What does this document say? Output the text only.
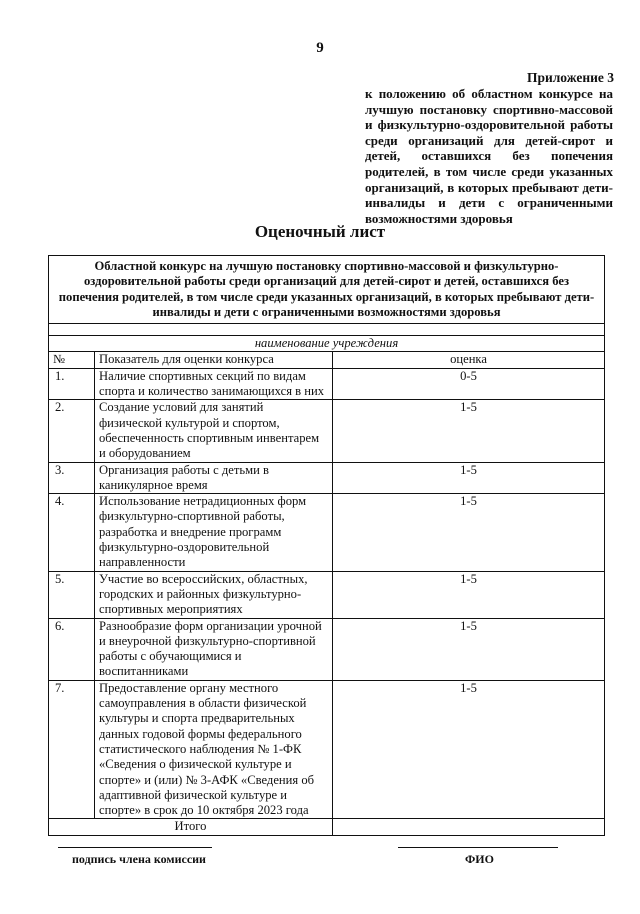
9
Приложение 3
к положению об областном конкурсе на лучшую постановку спортивно-массовой и физкультурно-оздоровительной работы среди организаций для детей-сирот и детей, оставшихся без попечения родителей, в том числе среди указанных организаций, в которых пребывают дети-инвалиды и дети с ограниченными возможностями здоровья
Оценочный лист
Областной конкурс на лучшую постановку спортивно-массовой и физкультурно-оздоровительной работы среди организаций для детей-сирот и детей, оставшихся без попечения родителей, в том числе среди указанных организаций, в которых пребывают дети-инвалиды и дети с ограниченными возможностями здоровья		

наименование учреждения		
№	Показатель для оценки конкурса	оценка
1.	Наличие спортивных секций по видам спорта и количество занимающихся в них	0-5
2.	Создание условий для занятий физической культурой и спортом, обеспеченность спортивным инвентарем и оборудованием	1-5
3.	Организация работы с детьми в каникулярное время	1-5
4.	Использование нетрадиционных форм физкультурно-спортивной работы, разработка и внедрение программ физкультурно-оздоровительной направленности	1-5
5.	Участие во всероссийских, областных, городских и районных физкультурно-спортивных мероприятиях	1-5
6.	Разнообразие форм организации урочной и внеурочной физкультурно-спортивной работы с обучающимися и воспитанниками	1-5
7.	Предоставление органу местного самоуправления в области физической культуры и спорта предварительных данных годовой формы федерального статистического наблюдения № 1-ФК «Сведения о физической культуре и спорте» и (или) № 3-АФК «Сведения об адаптивной физической культуре и спорте» в срок до 10 октября 2023 года	1-5
Итого		
подпись члена комиссии	ФИО
